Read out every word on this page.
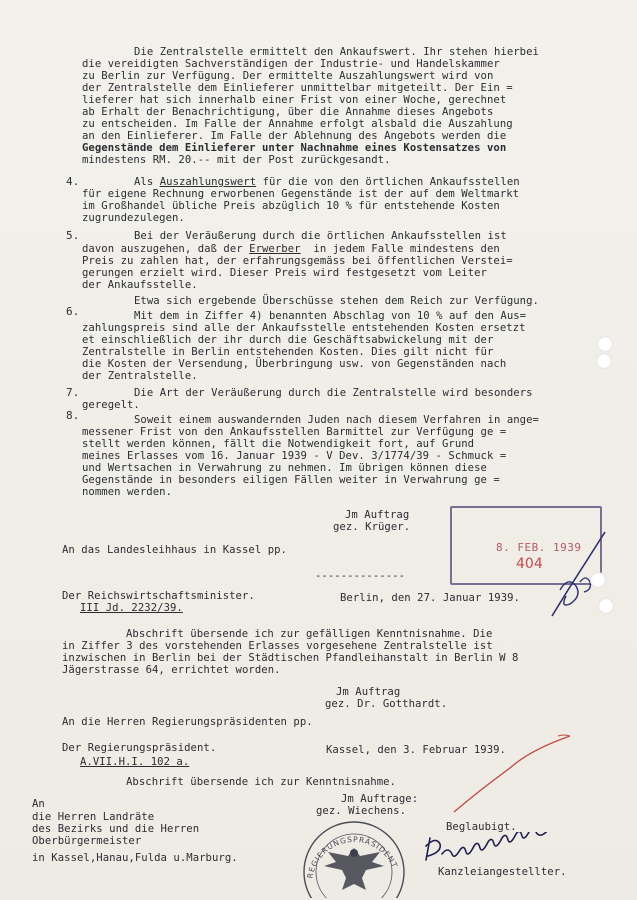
Die Zentralstelle ermittelt den Ankaufswert. Ihr stehen hierbei
die vereidigten Sachverständigen der Industrie- und Handelskammer
zu Berlin zur Verfügung. Der ermittelte Auszahlungswert wird von
der Zentralstelle dem Einlieferer unmittelbar mitgeteilt. Der Ein =
lieferer hat sich innerhalb einer Frist von einer Woche, gerechnet
ab Erhalt der Benachrichtigung, über die Annahme dieses Angebots
zu entscheiden. Im Falle der Annahme erfolgt alsbald die Auszahlung
an den Einlieferer. Im Falle der Ablehnung des Angebots werden die
Gegenstände dem Einlieferer unter Nachnahme eines Kostensatzes von
mindestens RM. 20.-- mit der Post zurückgesandt.
4.	Als Auszahlungswert für die von den örtlichen Ankaufsstellen
für eigene Rechnung erworbenen Gegenstände ist der auf dem Weltmarkt
im Großhandel übliche Preis abzüglich 10 % für entstehende Kosten
zugrundezulegen.
5.	Bei der Veräußerung durch die örtlichen Ankaufsstellen ist
davon auszugehen, daß der Erwerber  in jedem Falle mindestens den
Preis zu zahlen hat, der erfahrungsgemäss bei öffentlichen Verstei=
gerungen erzielt wird. Dieser Preis wird festgesetzt vom Leiter
der Ankaufsstelle.
Etwa sich ergebende Überschüsse stehen dem Reich zur Verfügung.
6.	Mit dem in Ziffer 4) benannten Abschlag von 10 % auf den Aus=
zahlungspreis sind alle der Ankaufsstelle entstehenden Kosten ersetzt
et einschließlich der ihr durch die Geschäftsabwickelung mit der
Zentralstelle in Berlin entstehenden Kosten. Dies gilt nicht für
die Kosten der Versendung, Überbringung usw. von Gegenständen nach
der Zentralstelle.
7.	Die Art der Veräußerung durch die Zentralstelle wird besonders
geregelt.
8.	Soweit einem auswandernden Juden nach diesem Verfahren in ange=
messener Frist von den Ankaufsstellen Barmittel zur Verfügung ge =
stellt werden können, fällt die Notwendigkeit fort, auf Grund
meines Erlasses vom 16. Januar 1939 - V Dev. 3/1774/39 - Schmuck =
und Wertsachen in Verwahrung zu nehmen. Im übrigen können diese
Gegenstände in besonders eiligen Fällen weiter in Verwahrung ge =
nommen werden.
Jm Auftrag
gez. Krüger.
An das Landesleihhaus in Kassel pp.
--------------
8. FEB. 1939
404
Der Reichswirtschaftsminister.	Berlin, den 27. Januar 1939.
III Jd. 2232/39.
Abschrift übersende ich zur gefälligen Kenntnisnahme. Die
in Ziffer 3 des vorstehenden Erlasses vorgesehene Zentralstelle ist
inzwischen in Berlin bei der Städtischen Pfandleihanstalt in Berlin W 8
Jägerstrasse 64, errichtet worden.
Jm Auftrag
gez. Dr. Gotthardt.
An die Herren Regierungspräsidenten pp.
Der Regierungspräsident.	Kassel, den 3. Februar 1939.
A.VII.H.I. 102 a.
Abschrift übersende ich zur Kenntnisnahme.
Jm Auftrage:
gez. Wiechens.
An
die Herren Landräte
des Bezirks und die Herren
Oberbürgermeister
in Kassel,Hanau,Fulda u.Marburg.
Beglaubigt.
REGIERUNGSPRÄSIDENT
Kanzleiangestellter.
